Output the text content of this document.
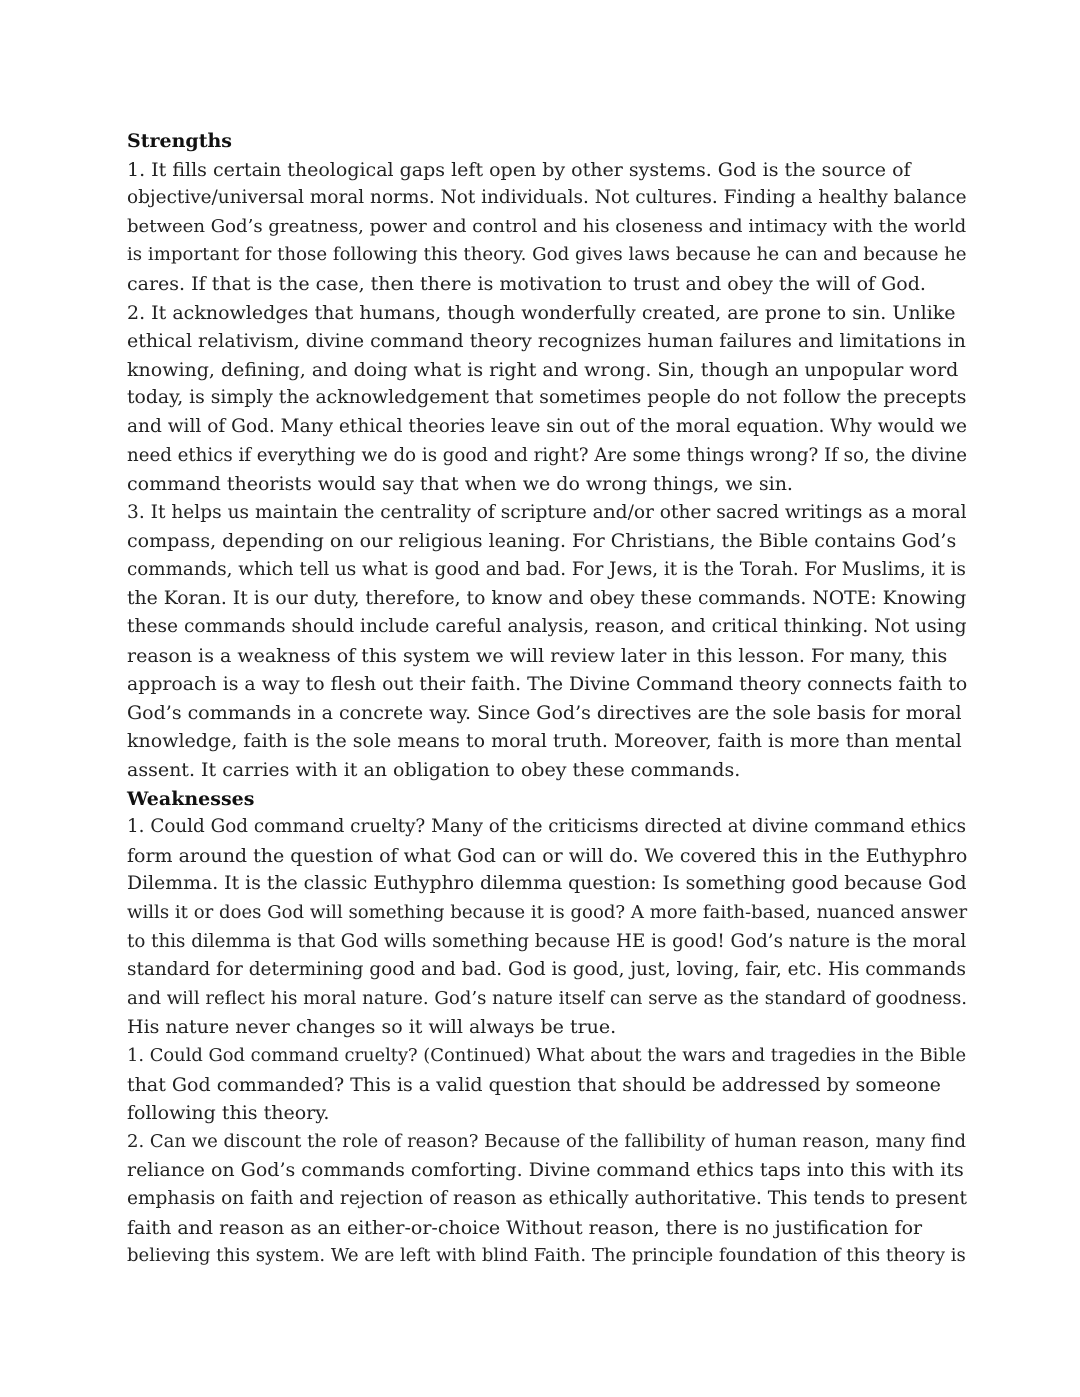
Strengths
1. It fills certain theological gaps left open by other systems. God is the source of
objective/universal moral norms. Not individuals. Not cultures. Finding a healthy balance
between God’s greatness, power and control and his closeness and intimacy with the world
is important for those following this theory. God gives laws because he can and because he
cares. If that is the case, then there is motivation to trust and obey the will of God.
2. It acknowledges that humans, though wonderfully created, are prone to sin. Unlike
ethical relativism, divine command theory recognizes human failures and limitations in
knowing, defining, and doing what is right and wrong. Sin, though an unpopular word
today, is simply the acknowledgement that sometimes people do not follow the precepts
and will of God. Many ethical theories leave sin out of the moral equation. Why would we
need ethics if everything we do is good and right? Are some things wrong? If so, the divine
command theorists would say that when we do wrong things, we sin.
3. It helps us maintain the centrality of scripture and/or other sacred writings as a moral
compass, depending on our religious leaning. For Christians, the Bible contains God’s
commands, which tell us what is good and bad. For Jews, it is the Torah. For Muslims, it is
the Koran. It is our duty, therefore, to know and obey these commands. NOTE: Knowing
these commands should include careful analysis, reason, and critical thinking. Not using
reason is a weakness of this system we will review later in this lesson. For many, this
approach is a way to flesh out their faith. The Divine Command theory connects faith to
God’s commands in a concrete way. Since God’s directives are the sole basis for moral
knowledge, faith is the sole means to moral truth. Moreover, faith is more than mental
assent. It carries with it an obligation to obey these commands.
Weaknesses
1. Could God command cruelty? Many of the criticisms directed at divine command ethics
form around the question of what God can or will do. We covered this in the Euthyphro
Dilemma. It is the classic Euthyphro dilemma question: Is something good because God
wills it or does God will something because it is good? A more faith-based, nuanced answer
to this dilemma is that God wills something because HE is good! God’s nature is the moral
standard for determining good and bad. God is good, just, loving, fair, etc. His commands
and will reflect his moral nature. God’s nature itself can serve as the standard of goodness.
His nature never changes so it will always be true.
1. Could God command cruelty? (Continued) What about the wars and tragedies in the Bible
that God commanded? This is a valid question that should be addressed by someone
following this theory.
2. Can we discount the role of reason? Because of the fallibility of human reason, many find
reliance on God’s commands comforting. Divine command ethics taps into this with its
emphasis on faith and rejection of reason as ethically authoritative. This tends to present
faith and reason as an either-or-choice Without reason, there is no justification for
believing this system. We are left with blind Faith. The principle foundation of this theory is
